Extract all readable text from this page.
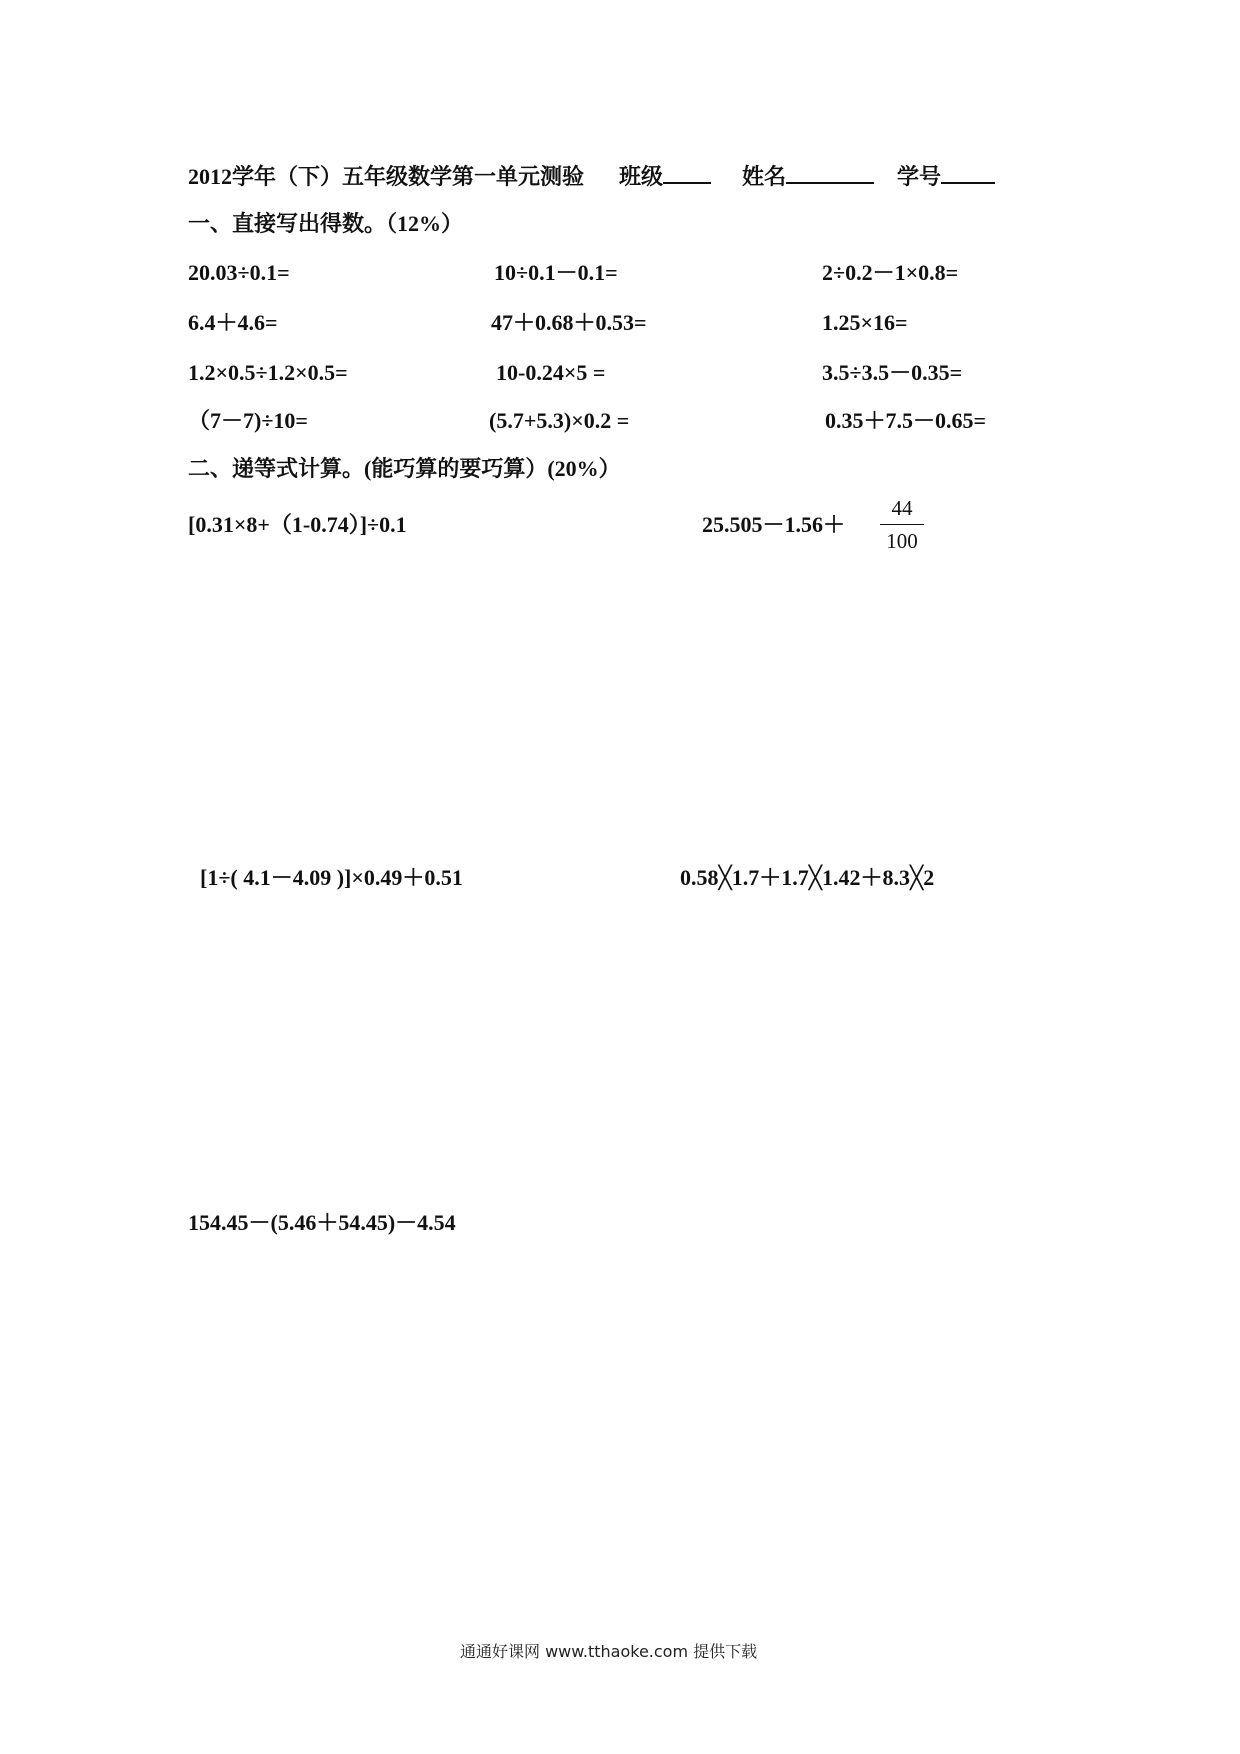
2012学年（下）五年级数学第一单元测验 班级	姓名	学号
一、直接写出得数。（12%）
20.03÷0.1=	10÷0.1－0.1=	2÷0.2－1×0.8=
6.4＋4.6=	47＋0.68＋0.53=	1.25×16=
1.2×0.5÷1.2×0.5=	10-0.24×5 =	3.5÷3.5－0.35=
（7－7)÷10=	(5.7+5.3)×0.2 =	0.35＋7.5－0.65=
二、递等式计算。(能巧算的要巧算）(20%）
[0.31×8+（1-0.74）]÷0.1	25.505－1.56＋
44
100
[1÷( 4.1－4.09 )]×0.49＋0.51	0.58╳1.7＋1.7╳1.42＋8.3╳2
154.45－(5.46＋54.45)－4.54
通通好课网 www.tthaoke.com 提供下载
